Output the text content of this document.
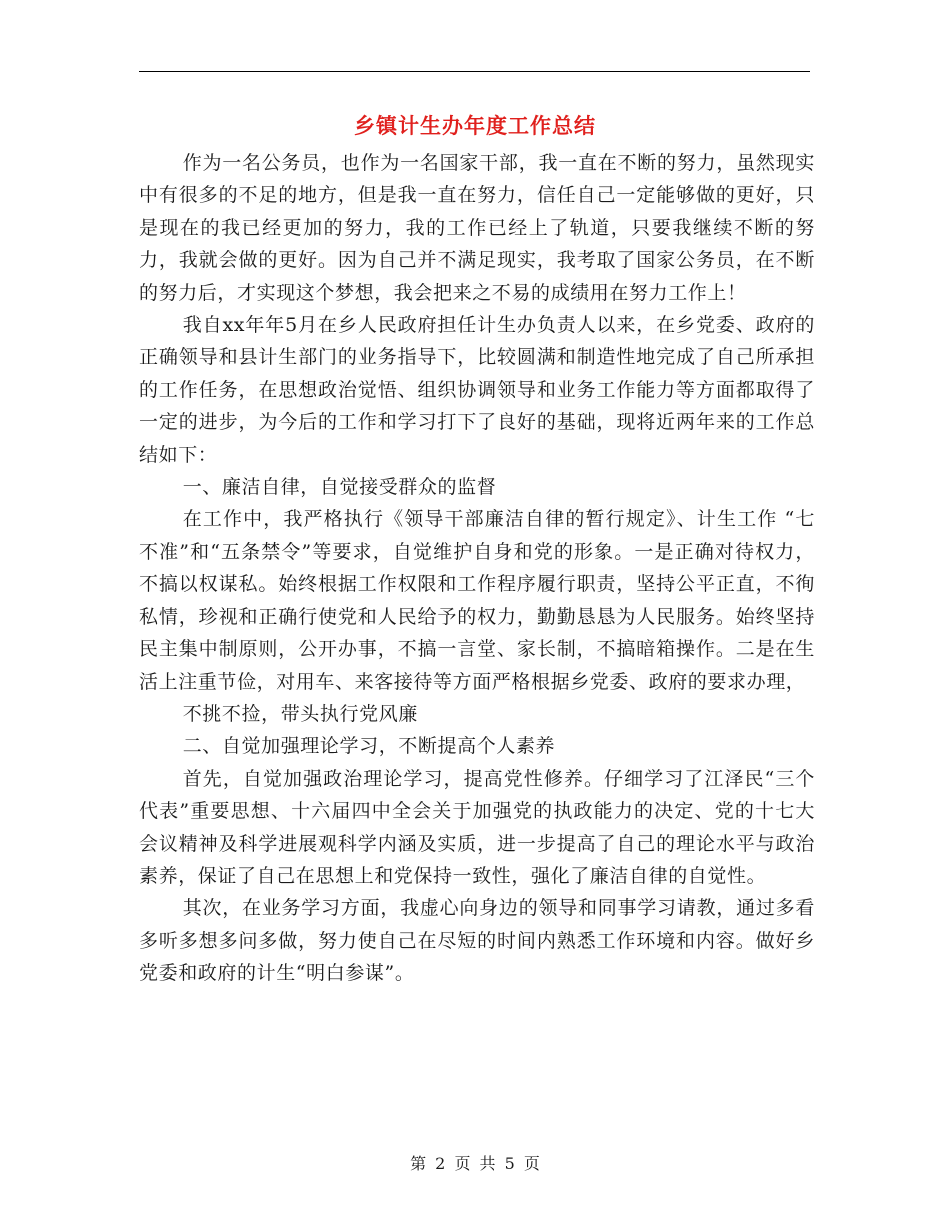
乡镇计生办年度工作总结

作为一名公务员，也作为一名国家干部，我一直在不断的努力，虽然现实中有很多的不足的地方，但是我一直在努力，信任自己一定能够做的更好，只是现在的我已经更加的努力，我的工作已经上了轨道，只要我继续不断的努力，我就会做的更好。因为自己并不满足现实，我考取了国家公务员，在不断的努力后，才实现这个梦想，我会把来之不易的成绩用在努力工作上！

我自xx年年5月在乡人民政府担任计生办负责人以来，在乡党委、政府的正确领导和县计生部门的业务指导下，比较圆满和制造性地完成了自己所承担的工作任务，在思想政治觉悟、组织协调领导和业务工作能力等方面都取得了一定的进步，为今后的工作和学习打下了良好的基础，现将近两年来的工作总结如下：

一、廉洁自律，自觉接受群众的监督

在工作中，我严格执行《领导干部廉洁自律的暂行规定》、计生工作 “七不准”和“五条禁令”等要求，自觉维护自身和党的形象。一是正确对待权力，不搞以权谋私。始终根据工作权限和工作程序履行职责，坚持公平正直，不徇私情，珍视和正确行使党和人民给予的权力，勤勤恳恳为人民服务。始终坚持民主集中制原则，公开办事，不搞一言堂、家长制，不搞暗箱操作。二是在生活上注重节俭，对用车、来客接待等方面严格根据乡党委、政府的要求办理，

不挑不捡，带头执行党风廉

二、自觉加强理论学习，不断提高个人素养

首先，自觉加强政治理论学习，提高党性修养。仔细学习了江泽民“三个代表”重要思想、十六届四中全会关于加强党的执政能力的决定、党的十七大会议精神及科学进展观科学内涵及实质，进一步提高了自己的理论水平与政治素养，保证了自己在思想上和党保持一致性，强化了廉洁自律的自觉性。

其次，在业务学习方面，我虚心向身边的领导和同事学习请教，通过多看多听多想多问多做，努力使自己在尽短的时间内熟悉工作环境和内容。做好乡党委和政府的计生“明白参谋”。

第 2 页 共 5 页
